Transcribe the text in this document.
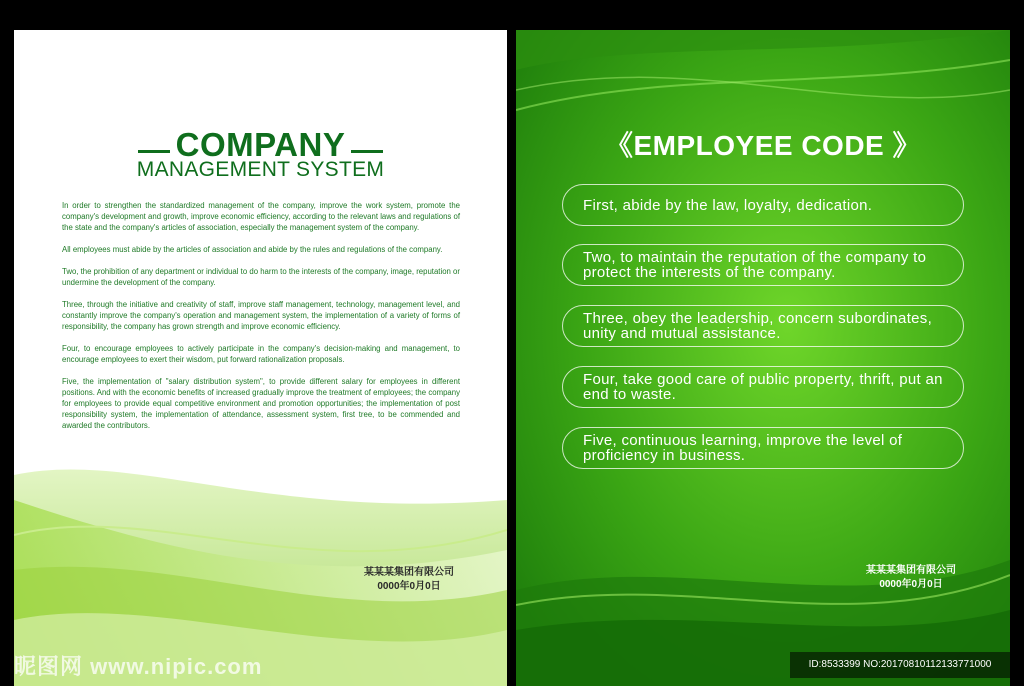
COMPANY
MANAGEMENT SYSTEM

In order to strengthen the standardized management of the company, improve the work system, promote the company's development and growth, improve economic efficiency, according to the relevant laws and regulations of the state and the company's articles of association, especially the management system of the company.

All employees must abide by the articles of association and abide by the rules and regulations of the company.

Two, the prohibition of any department or individual to do harm to the interests of the company, image, reputation or undermine the development of the company.

Three, through the initiative and creativity of staff, improve staff management, technology, management level, and constantly improve the company's operation and management system, the implementation of a variety of forms of responsibility, the company has grown strength and improve economic efficiency.

Four, to encourage employees to actively participate in the company's decision-making and management, to encourage employees to exert their wisdom, put forward rationalization proposals.

Five, the implementation of "salary distribution system", to provide different salary for employees in different positions. And with the economic benefits of increased gradually improve the treatment of employees; the company for employees to provide equal competitive environment and promotion opportunities; the implementation of post responsibility system, the implementation of attendance, assessment system, first tree, to be commended and awarded the contributors.

某某某集团有限公司
0000年0月0日
《EMPLOYEE CODE 》
First, abide by the law, loyalty, dedication.
Two, to maintain the reputation of the company to protect the interests of the company.
Three, obey the leadership, concern subordinates, unity and mutual assistance.
Four, take good care of public property, thrift, put an end to waste.
Five, continuous learning, improve the level of proficiency in business.
某某某集团有限公司
0000年0月0日
昵图网 www.nipic.com	ID:8533399 NO:20170810112133771000
